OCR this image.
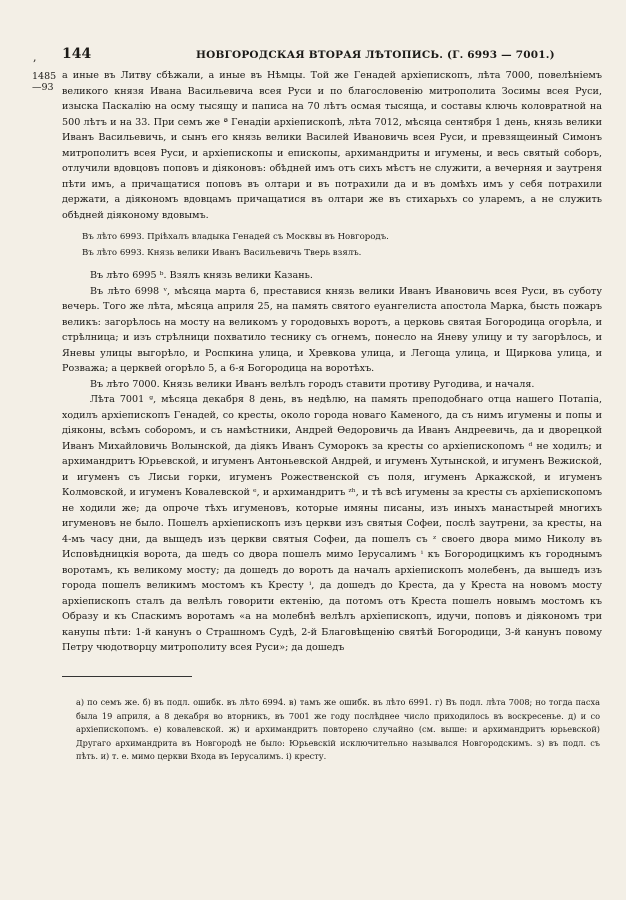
, 144	НОВГОРОДСКАЯ ВТОРАЯ ЛѢТОПИСЬ. (Г. 6993 — 7001.)
1485
—93

а иные въ Литву сбѣжали, а иные въ Нѣмцы. Той же Генадей архіепископъ, лѣта 7000, повелѣніемъ великого князя Ивана Васильевича всея Руси и по благословенію митрополита Зосимы всея Руси, изыска Паскалію на осму тысящу и паписа на 70 лѣтъ осмая тысяща, и составы ключь коловратной на 500 лѣтъ и на 33. При семъ же ª Генадіи архіепископѣ, лѣта 7012, мѣсяца сентября 1 день, князь велики Иванъ Васильевичь, и сынъ его князь велики Василей Ивановичь всея Руси, и превзящеиный Симонъ митрополитъ всея Руси, и архіепископы и епископы, архимандриты и игумены, и весь святый соборъ, отлучили вдовцовъ поповъ и діяконовъ: обѣдней имъ отъ сихъ мѣстъ не служити, а вечерняя и заутреня пѣти имъ, а причащатися поповъ въ олтари и въ потрахили да и въ домѣхъ имъ у себя потрахили держати, а діякономъ вдовцамъ причащатися въ олтари же въ стихарьхъ со уларемъ, а не служить обѣдней діяконому вдовымъ.

Въ лѣто 6993. Прiѣхалъ владыка Генадей съ Москвы въ Новгородъ.

Въ лѣто 6993. Князь велики Иванъ Васильевичь Тверь взялъ.

Въ лѣто 6995 ᵇ. Взялъ князь велики Казань.

Въ лѣто 6998 ᵛ, мѣсяца марта 6, преставися князь велики Иванъ Ивановичь всея Руси, въ суботу вечерь. Того же лѣта, мѣсяца априля 25, на память святого еуангелиста апостола Марка, бысть пожаръ великъ: загорѣлось на мосту на великомъ у городовыхъ воротъ, а церковь святая Богородица огорѣла, и стрѣлница; и изъ стрѣлници похватило теснику съ огнемъ, понесло на Яневу улицу и ту загорѣлось, и Яневы улицы выгорѣло, и Роспкина улица, и Хревкова улица, и Легоща улица, и Щиркова улица, и Розважа; а церквей огорѣло 5, а 6-я Богородица на воротѣхъ.

Въ лѣто 7000. Князь велики Иванъ велѣлъ городъ ставити противу Ругодива, и началя.

Лѣта 7001 ᵍ, мѣсяца декабря 8 день, въ недѣлю, на память преподобнаго отца нашего Потапia, ходилъ архіепископъ Генадей, со кресты, около города новаго Каменого, да съ нимъ игумены и попы и діяконы, всѣмъ соборомъ, и съ намѣстники, Андрей Ѳедоровичь да Иванъ Андреевичь, да и дворецкой Иванъ Михайловичь Волынской, да діякъ Иванъ Суморокъ за кресты со архіепископомъ ᵈ не ходилъ; и архимандритъ Юрьевской, и игуменъ Антоньевской Андрей, и игуменъ Хутынской, и игуменъ Вежиской, и игуменъ съ Лисьи горки, игуменъ Рожественской съ поля, игуменъ Аркажской, и игуменъ Колмовской, и игуменъ Ковалевской ᵉ, и архимандритъ ᶻʰ, и тѣ всѣ игумены за кресты съ архіепископомъ не ходили же; да опроче тѣхъ игуменовъ, которые имяны писаны, изъ иныхъ манастырей многихъ игуменовъ не было. Пошелъ архіепископъ изъ церкви изъ святыя Софеи, послѣ заутрени, за кресты, на 4-мъ часу дни, да выщедъ изъ церкви святыя Софеи, да пошелъ съ ᶻ своего двора мимо Николу въ Исповѣдницкія ворота, да шедъ со двора пошелъ мимо Іерусалимъ ⁱ къ Богородицкимъ къ городнымъ воротамъ, къ великому мосту; да дошедъ до воротъ да началъ архіепископъ молебенъ, да вышедъ изъ города пошелъ великимъ мостомъ къ Кресту ⁱ, да дошедъ до Креста, да у Креста на новомъ мосту архіепископъ сталъ да велѣлъ говорити ектенію, да потомъ отъ Креста пошелъ новымъ мостомъ къ Образу и къ Спаскимъ воротамъ «а на молебнѣ велѣлъ архіепископъ, идучи, поповъ и діякономъ три канупы пѣти: 1-й канунъ о Страшномъ Судѣ, 2-й Благовѣщенію святѣй Богородици, 3-й канунъ повому Петру чюдотворцу митрополиту всея Руси»; да дошедъ

а) по семъ же. б) въ подл. ошибк. въ лѣто 6994. в) тамъ же ошибк. въ лѣто 6991. г) Въ подл. лѣта 7008; но тогда пасха была 19 априля, а 8 декабря во вторникъ, въ 7001 же году послѣднее число приходилось въ воскресенье. д) и со архіепископомъ. е) ковалевской. ж) и архимандритъ повторено случайно (см. выше: и архимандритъ юрьевской) Другаго архимандрита въ Новгородѣ не было: Юрьевскій исключительно назывался Новгородскимъ. з) въ подл. съ пѣть. и) т. е. мимо церкви Входа въ Іерусалимъ. і) кресту.
